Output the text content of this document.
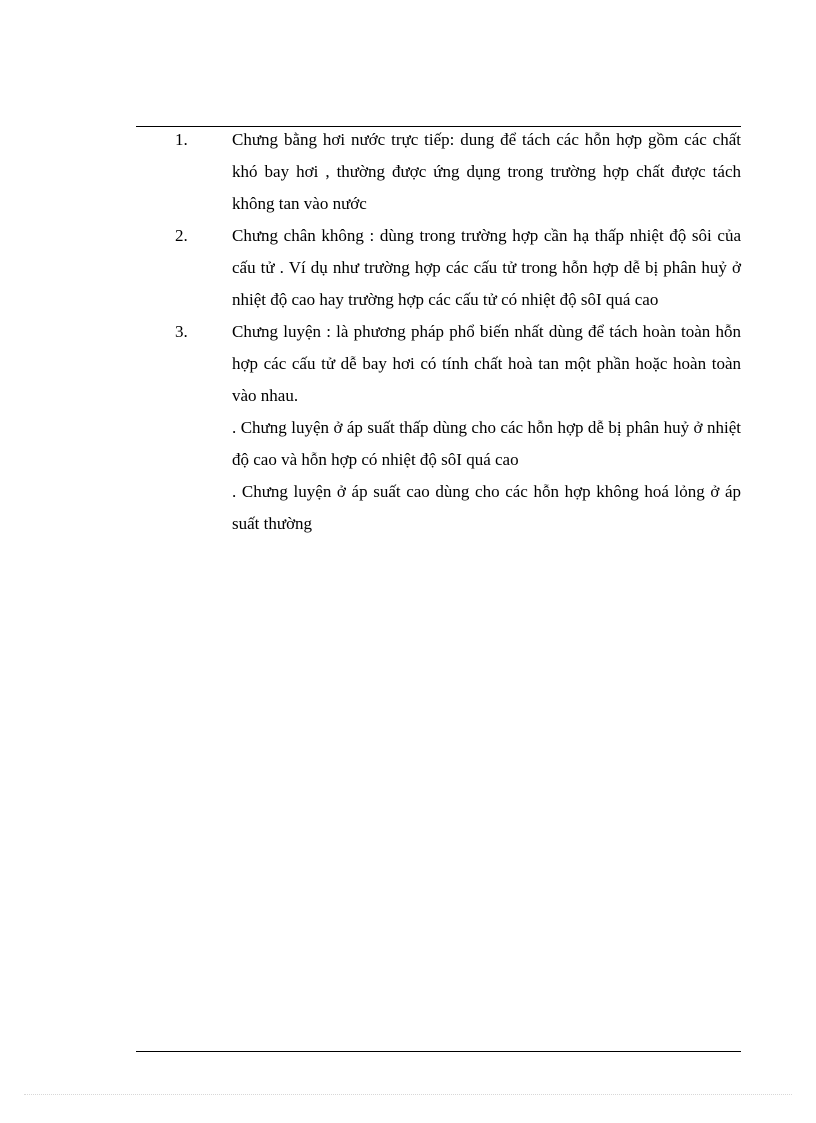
1.	Chưng bằng hơi nước trực tiếp: dung để tách các hỗn hợp gồm các chất khó bay hơi , thường được ứng dụng trong trường hợp chất được tách không tan vào nước

2.	Chưng chân không : dùng trong trường hợp cần hạ thấp nhiệt độ sôi của cấu tử . Ví dụ như trường hợp các cấu tử trong hỗn hợp dễ bị phân huỷ ở nhiệt độ cao hay trường hợp các cấu tử có nhiệt độ sôI quá cao

3.	Chưng luyện : là phương pháp phổ biến nhất dùng để tách hoàn toàn hỗn hợp các cấu tử dễ bay hơi có tính chất hoà tan một phần hoặc hoàn toàn vào nhau.

. Chưng luyện ở áp suất thấp dùng cho các hỗn hợp dễ bị phân huỷ ở nhiệt độ cao và hỗn hợp có nhiệt độ sôI quá cao

. Chưng luyện ở áp suất cao dùng cho các hỗn hợp không hoá lỏng ở áp suất thường
